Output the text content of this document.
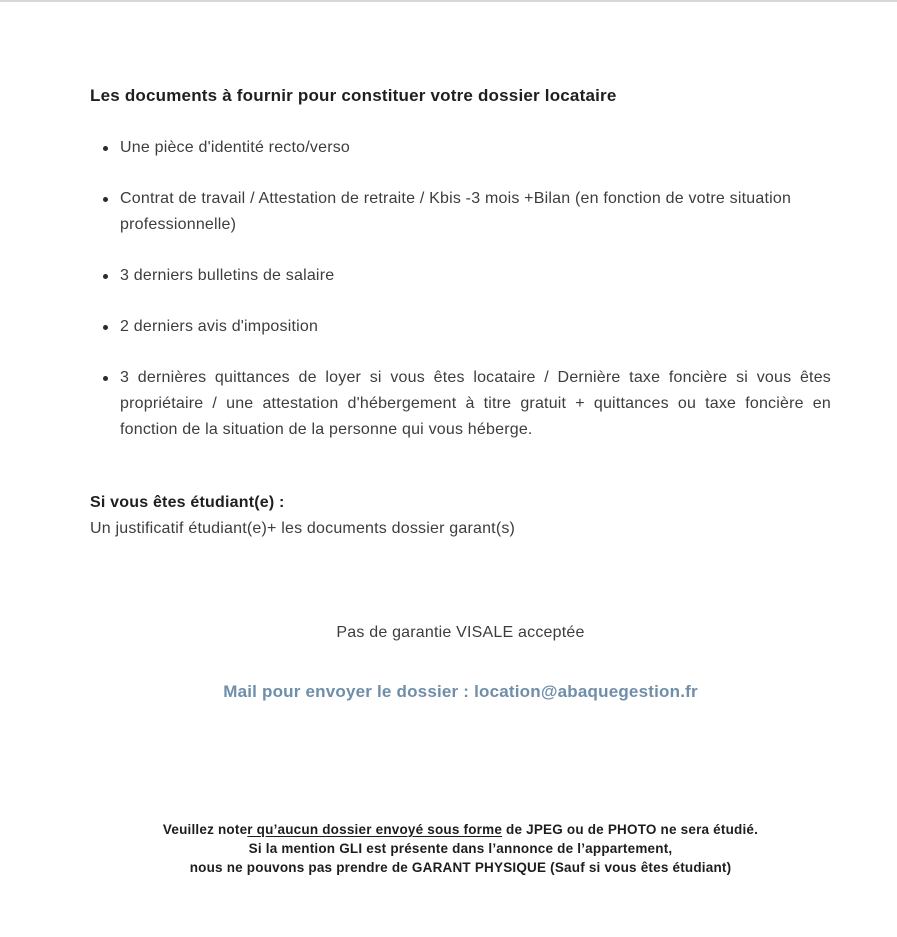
Les documents à fournir pour constituer votre dossier locataire
Une pièce d'identité recto/verso
Contrat de travail / Attestation de retraite / Kbis -3 mois +Bilan (en fonction de votre situation professionnelle)
3 derniers bulletins de salaire
2 derniers avis d'imposition
3 dernières quittances de loyer si vous êtes locataire / Dernière taxe foncière si vous êtes propriétaire / une attestation d'hébergement à titre gratuit + quittances ou taxe foncière en fonction de la situation de la personne qui vous héberge.

Si vous êtes étudiant(e) :

Un justificatif étudiant(e)+ les documents dossier garant(s)

Pas de garantie VISALE acceptée

Mail pour envoyer le dossier : location@abaquegestion.fr

Veuillez noter qu’aucun dossier envoyé sous forme de JPEG ou de PHOTO ne sera étudié.

Si la mention GLI est présente dans l’annonce de l’appartement,

nous ne pouvons pas prendre de GARANT PHYSIQUE (Sauf si vous êtes étudiant)
